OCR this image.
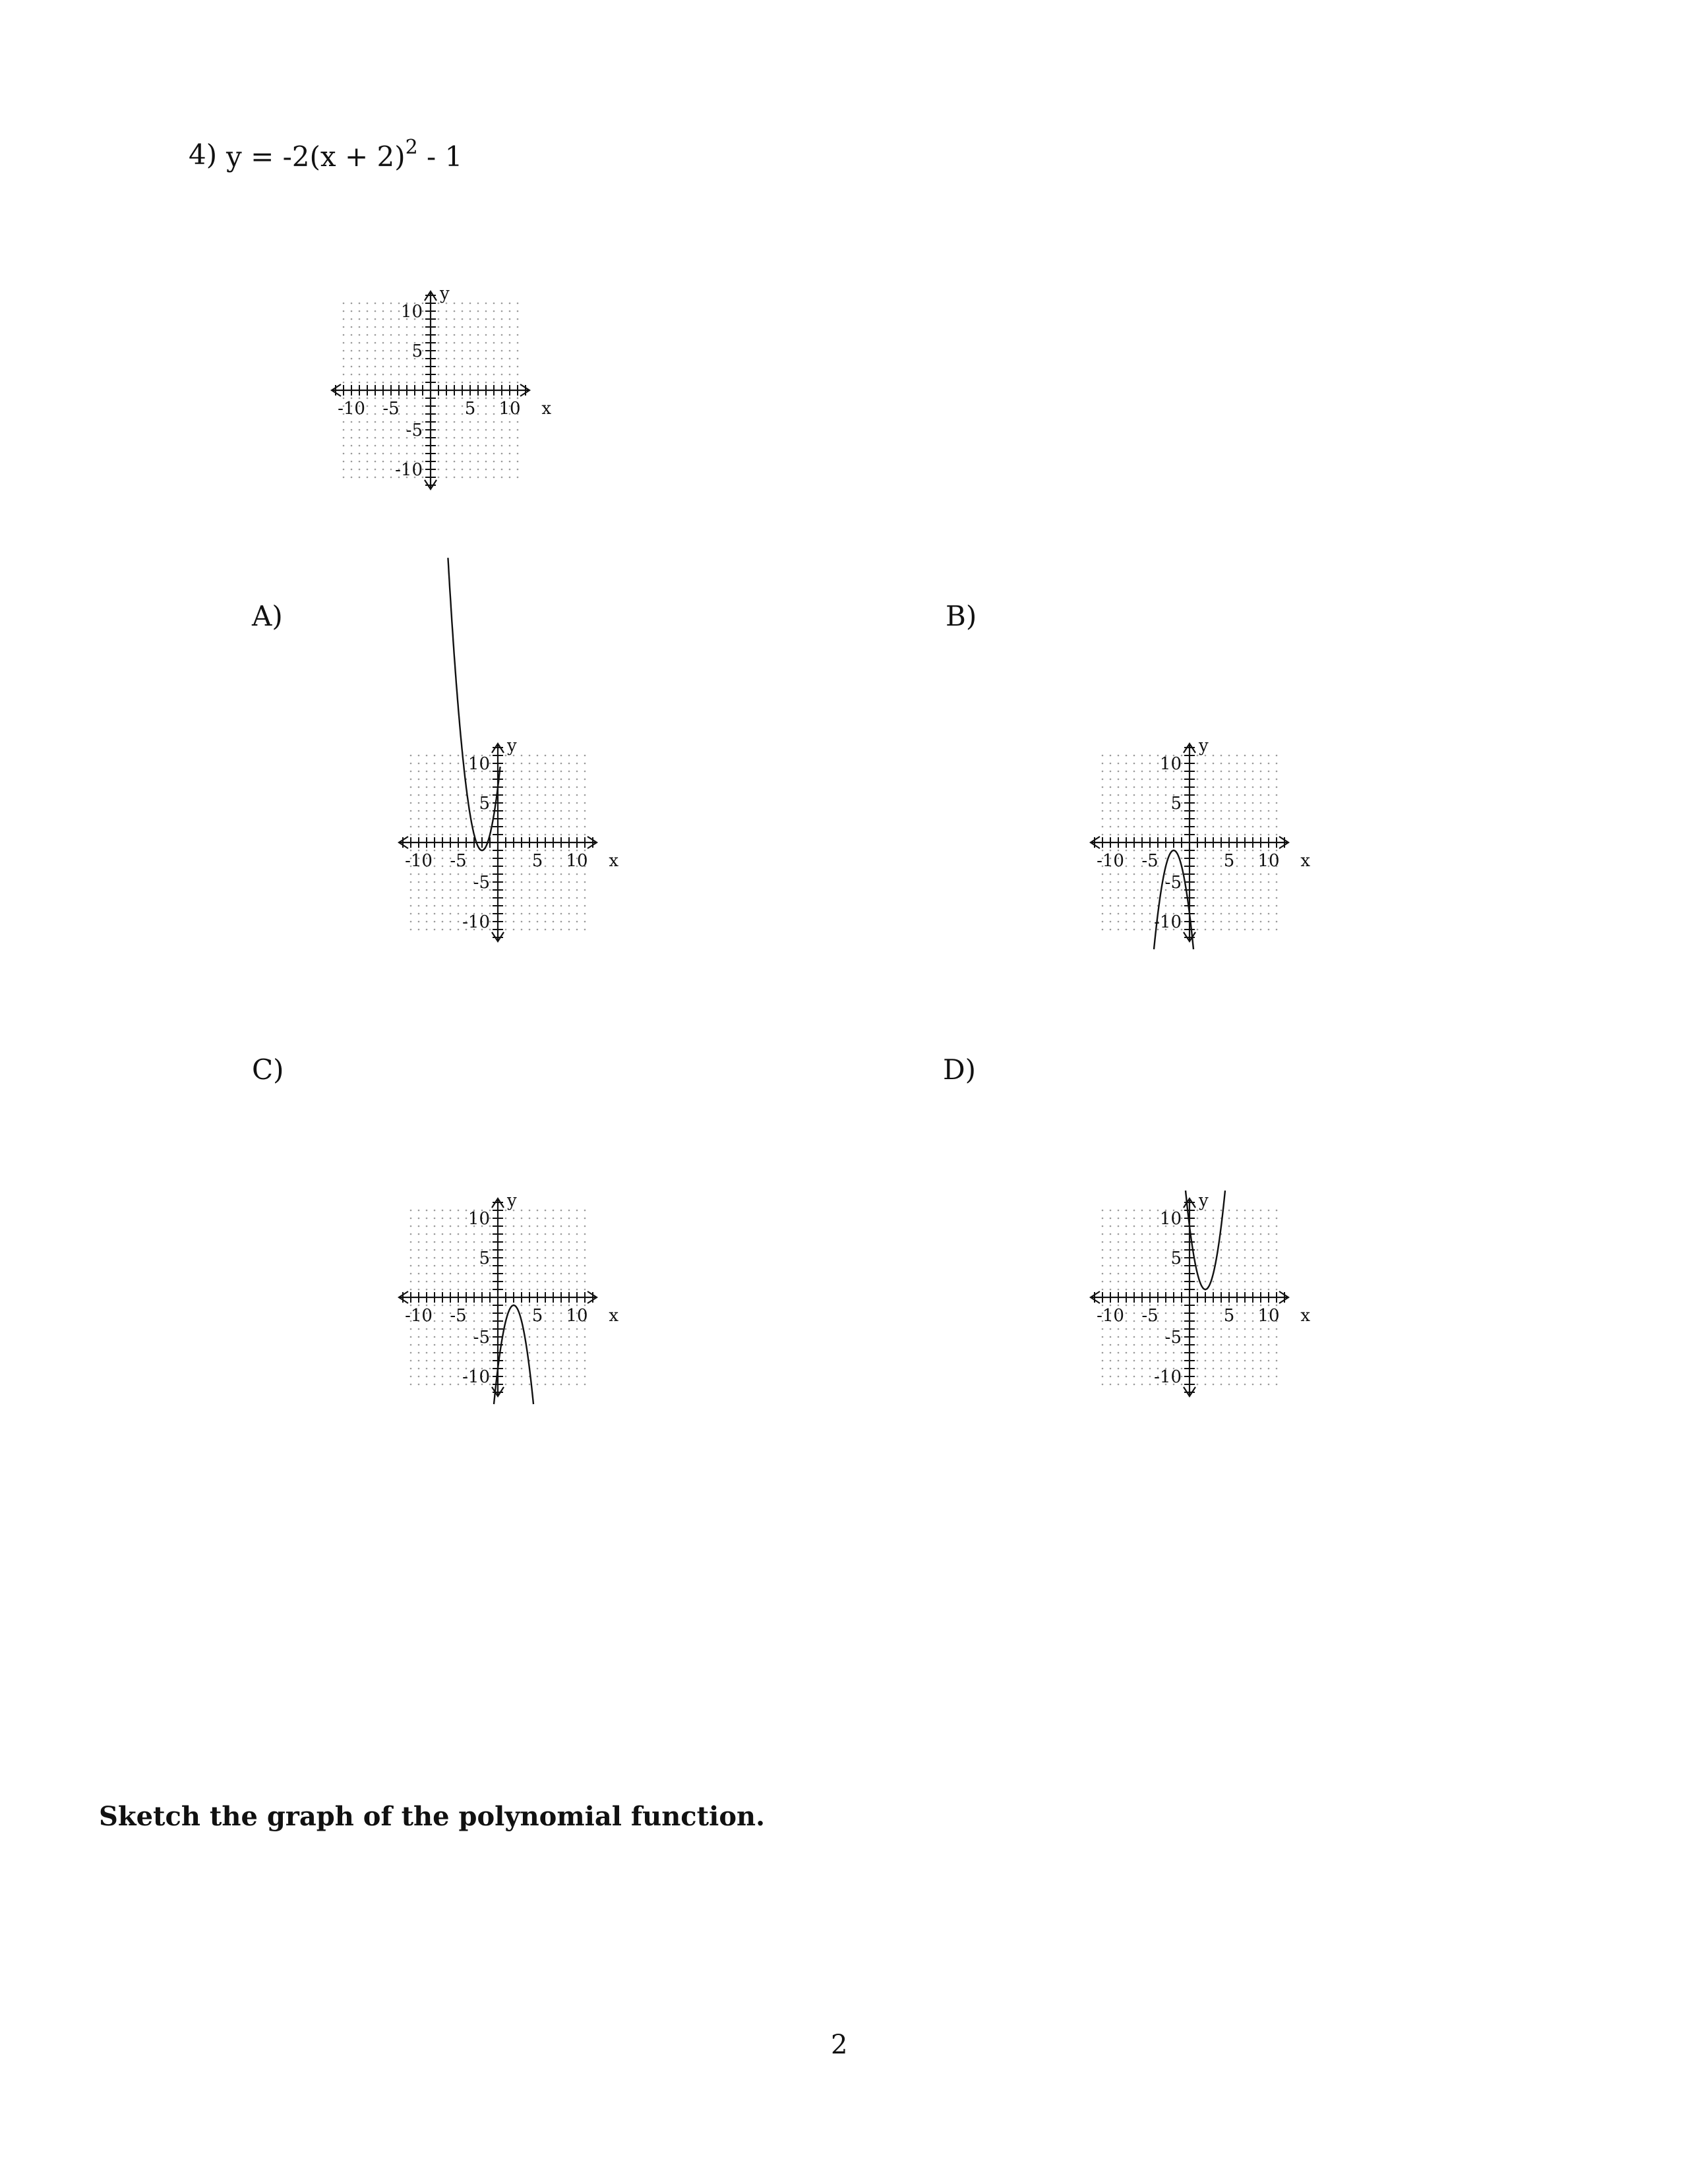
4) $y = -2(x + 2)^2 - 1$
-10 -5	5 10
10
5
-5
-10
x
y
A)
-10 -5	5 10
10
5
-5
-10
x
y
B)
-10 -5	5 10
10
5
-5
-10
x
y
C)
-10 -5	5 10
10
5
-5
-10
x
y
D)
-10 -5	5 10
10
5
-5
-10
x
y
Sketch the graph of the polynomial function.
2
